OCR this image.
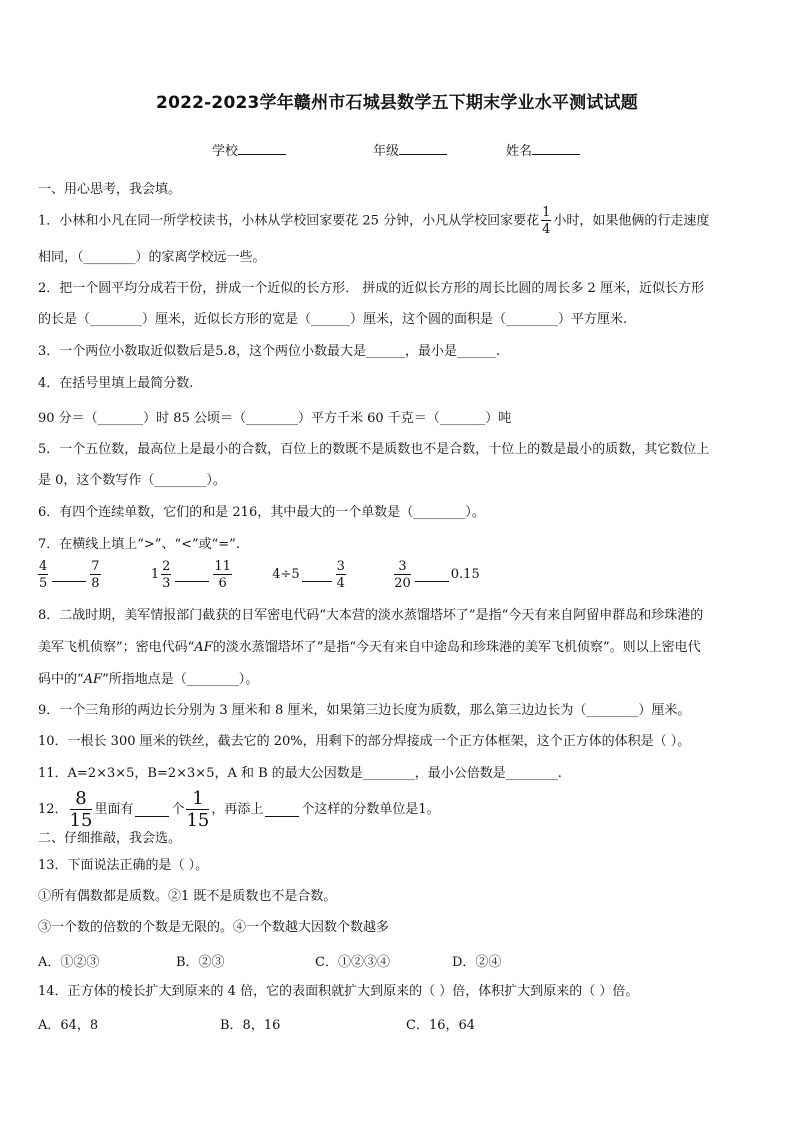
2022-2023学年赣州市石城县数学五下期末学业水平测试试题
学校	年级	姓名
一、用心思考，我会填。
1．小林和小凡在同一所学校读书，小林从学校回家要花 25 分钟，小凡从学校回家要花 $\frac{1}{4}$ 小时，如果他俩的行走速度
相同，（________）的家离学校远一些。
2．把一个圆平均分成若干份，拼成一个近似的长方形． 拼成的近似长方形的周长比圆的周长多 2 厘米，近似长方形
的长是（________）厘米，近似长方形的宽是（______）厘米，这个圆的面积是（________）平方厘米.
3．一个两位小数取近似数后是5.8，这个两位小数最大是______，最小是______.
4．在括号里填上最简分数.
90 分＝（_______）时 85 公顷＝（________）平方千米 60 千克＝（_______）吨
5．一个五位数，最高位上是最小的合数，百位上的数既不是质数也不是合数，十位上的数是最小的质数，其它数位上
是 0，这个数写作（________）。
6．有四个连续单数，它们的和是 216，其中最大的一个单数是（________）。
7．在横线上填上“>”、“<”或“=”.
$\frac{4}{5}$	$\frac{7}{8}$	$1 \frac{2}{3}$	$\frac{11}{6}$	4÷5	$\frac{3}{4}$
	$\frac{3}{20}$	0.15
8．二战时期，美军情报部门截获的日军密电代码“大本营的淡水蒸馏塔坏了”是指“今天有来自阿留申群岛和珍珠港的
美军飞机侦察”；密电代码“AF的淡水蒸馏塔坏了”是指“今天有来自中途岛和珍珠港的美军飞机侦察”。则以上密电代
码中的“AF”所指地点是（________）。
9．一个三角形的两边长分别为 3 厘米和 8 厘米，如果第三边长度为质数，那么第三边边长为（________）厘米。
10．一根长 300 厘米的铁丝，截去它的 20%，用剩下的部分焊接成一个正方体框架，这个正方体的体积是（ ）。
11．A=2×3×5，B=2×3×5，A 和 B 的最大公因数是________，最小公倍数是________.
12． $\frac{8}{15}$ 里面有	个 $\frac{1}{15}$ ，再添上	个这样的分数单位是1。
二、仔细推敲，我会选。
13．下面说法正确的是（ ）。
①所有偶数都是质数。②1 既不是质数也不是合数。
③一个数的倍数的个数是无限的。④一个数越大因数个数越多
A．①②③	B．②③	C．①②③④	D．②④
14．正方体的棱长扩大到原来的 4 倍，它的表面积就扩大到原来的（ ）倍，体积扩大到原来的（ ）倍。
A．64，8	B．8，16	C．16，64
